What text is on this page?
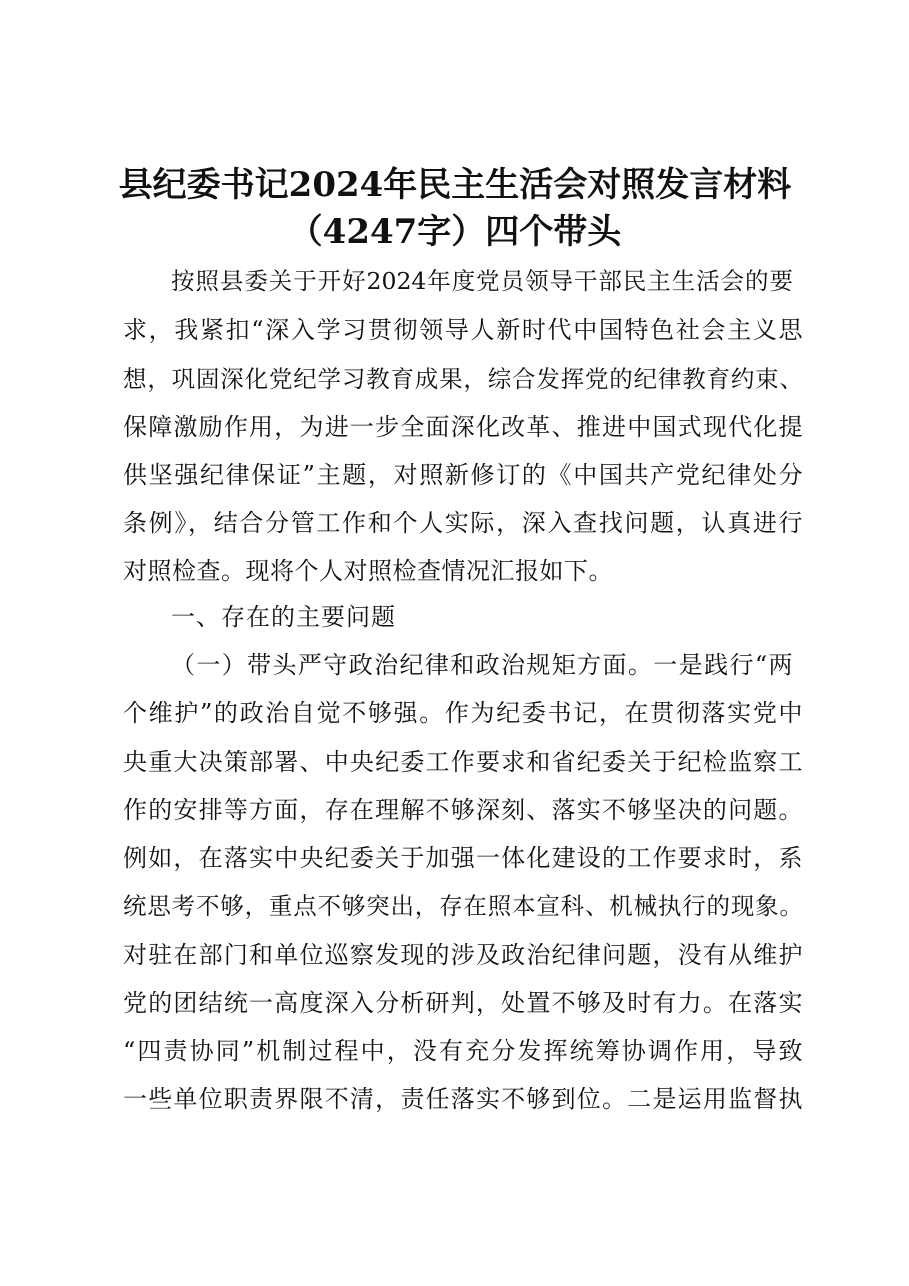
县纪委书记2024年民主生活会对照发言材料
（4247字）四个带头
按照县委关于开好2024年度党员领导干部民主生活会的要
求，我紧扣“深入学习贯彻领导人新时代中国特色社会主义思
想，巩固深化党纪学习教育成果，综合发挥党的纪律教育约束、
保障激励作用，为进一步全面深化改革、推进中国式现代化提
供坚强纪律保证”主题，对照新修订的《中国共产党纪律处分
条例》，结合分管工作和个人实际，深入查找问题，认真进行
对照检查。现将个人对照检查情况汇报如下。
一、存在的主要问题
（一）带头严守政治纪律和政治规矩方面。一是践行“两
个维护”的政治自觉不够强。作为纪委书记，在贯彻落实党中
央重大决策部署、中央纪委工作要求和省纪委关于纪检监察工
作的安排等方面，存在理解不够深刻、落实不够坚决的问题。
例如，在落实中央纪委关于加强一体化建设的工作要求时，系
统思考不够，重点不够突出，存在照本宣科、机械执行的现象。
对驻在部门和单位巡察发现的涉及政治纪律问题，没有从维护
党的团结统一高度深入分析研判，处置不够及时有力。在落实
“四责协同”机制过程中，没有充分发挥统筹协调作用，导致
一些单位职责界限不清，责任落实不够到位。二是运用监督执
